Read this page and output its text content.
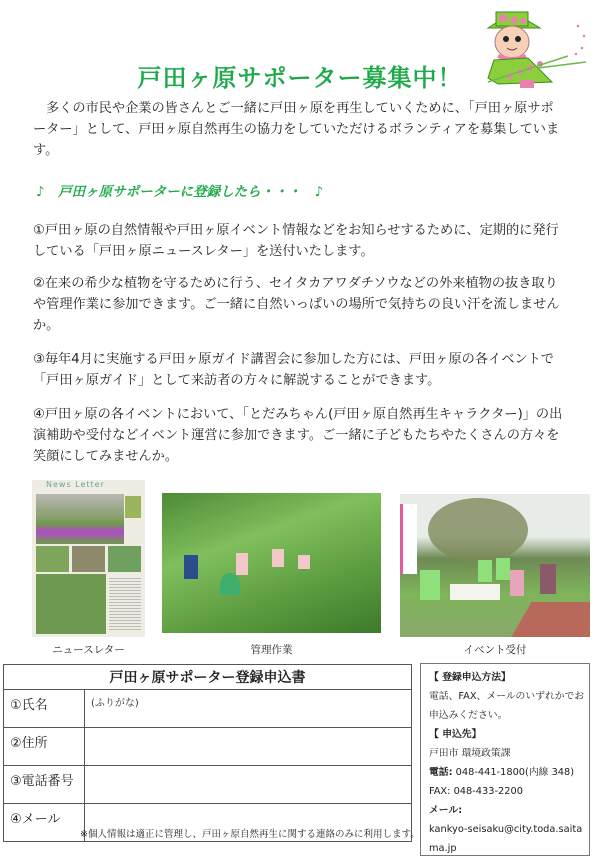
戸田ヶ原サポーター募集中！
多くの市民や企業の皆さんとご一緒に戸田ヶ原を再生していくために、「戸田ヶ原サポーター」として、戸田ヶ原自然再生の協力をしていただけるボランティアを募集しています。
♪　戸田ヶ原サポーターに登録したら・・・　♪
①戸田ヶ原の自然情報や戸田ヶ原イベント情報などをお知らせするために、定期的に発行している「戸田ヶ原ニュースレター」を送付いたします。
②在来の希少な植物を守るために行う、セイタカアワダチソウなどの外来植物の抜き取りや管理作業に参加できます。ご一緒に自然いっぱいの場所で気持ちの良い汗を流しませんか。
③毎年4月に実施する戸田ヶ原ガイド講習会に参加した方には、戸田ヶ原の各イベントで「戸田ヶ原ガイド」として来訪者の方々に解説することができます。
④戸田ヶ原の各イベントにおいて、「とだみちゃん(戸田ヶ原自然再生キャラクター)」の出演補助や受付などイベント運営に参加できます。ご一緒に子どもたちやたくさんの方々を笑顔にしてみませんか。
News Letter
ニュースレター	管理作業	イベント受付
戸田ヶ原サポーター登録申込書	
①氏名	(ふりがな)
②住所	
③電話番号	
④メール	
※個人情報は適正に管理し、戸田ヶ原自然再生に関する連絡のみに利用します。
【 登録申込方法】
電話、FAX、メールのいずれかでお
申込みください。
【 申込先】
戸田市 環境政策課
電話: 048-441-1800(内線 348)
FAX: 048-433-2200
メール:
kankyo-seisaku@city.toda.saita
ma.jp
